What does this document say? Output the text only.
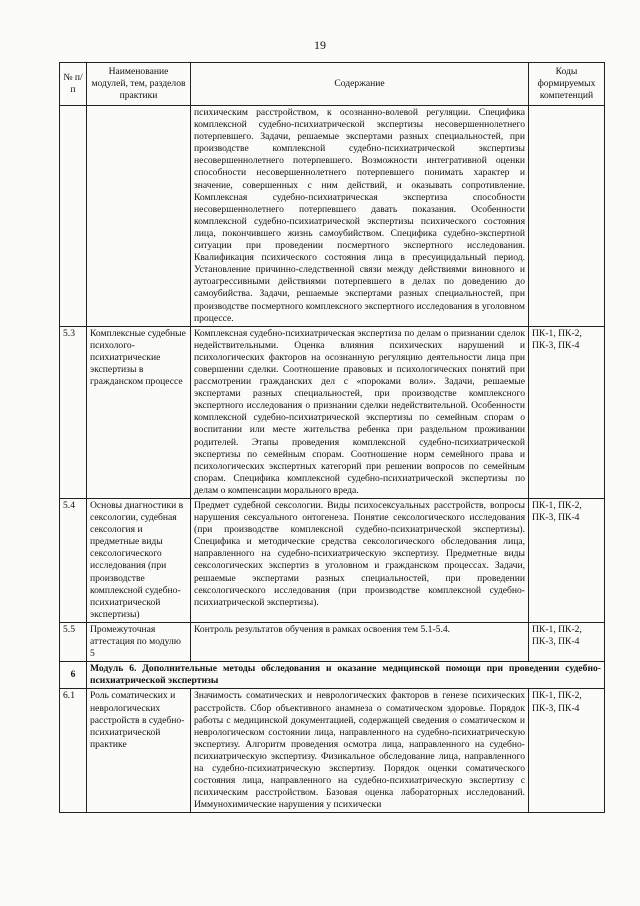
19
№ п/п	Наименование модулей, тем, разделов практики	Содержание	Коды формируемых компетенций
		психическим расстройством, к осознанно-волевой регуляции. Специфика комплексной судебно-психиатрической экспертизы несовершеннолетнего потерпевшего. Задачи, решаемые экспертами разных специальностей, при производстве комплексной судебно-психиатрической экспертизы несовершеннолетнего потерпевшего. Возможности интегративной оценки способности несовершеннолетнего потерпевшего понимать характер и значение, совершенных с ним действий, и оказывать сопротивление. Комплексная судебно-психиатрическая экспертиза способности несовершеннолетнего потерпевшего давать показания. Особенности комплексной судебно-психиатрической экспертизы психического состояния лица, покончившего жизнь самоубийством. Специфика судебно-экспертной ситуации при проведении посмертного экспертного исследования. Квалификация психического состояния лица в пресуицидальный период. Установление причинно-следственной связи между действиями виновного и аутоагрессивными действиями потерпевшего в делах по доведению до самоубийства. Задачи, решаемые экспертами разных специальностей, при производстве посмертного комплексного экспертного исследования в уголовном процессе.	
5.3	Комплексные судебные психолого-психиатрические экспертизы в гражданском процессе	Комплексная судебно-психиатрическая экспертиза по делам о признании сделок недействительными. Оценка влияния психических нарушений и психологических факторов на осознанную регуляцию деятельности лица при совершении сделки. Соотношение правовых и психологических понятий при рассмотрении гражданских дел с «пороками воли». Задачи, решаемые экспертами разных специальностей, при производстве комплексного экспертного исследования о признании сделки недействительной. Особенности комплексной судебно-психиатрической экспертизы по семейным спорам о воспитании или месте жительства ребенка при раздельном проживании родителей. Этапы проведения комплексной судебно-психиатрической экспертизы по семейным спорам. Соотношение норм семейного права и психологических экспертных категорий при решении вопросов по семейным спорам. Специфика комплексной судебно-психиатрической экспертизы по делам о компенсации морального вреда.	ПК-1, ПК-2, ПК-3, ПК-4
5.4	Основы диагностики в сексологии, судебная сексология и предметные виды сексологического исследования (при производстве комплексной судебно-психиатрической экспертизы)	Предмет судебной сексологии. Виды психосексуальных расстройств, вопросы нарушения сексуального онтогенеза. Понятие сексологического исследования (при производстве комплексной судебно-психиатрической экспертизы). Специфика и методические средства сексологического обследования лица, направленного на судебно-психиатрическую экспертизу. Предметные виды сексологических экспертиз в уголовном и гражданском процессах. Задачи, решаемые экспертами разных специальностей, при проведении сексологического исследования (при производстве комплексной судебно-психиатрической экспертизы).	ПК-1, ПК-2, ПК-3, ПК-4
5.5	Промежуточная аттестация по модулю 5	Контроль результатов обучения в рамках освоения тем 5.1-5.4.	ПК-1, ПК-2, ПК-3, ПК-4
6	Модуль 6. Дополнительные методы обследования и оказание медицинской помощи при проведении судебно-психиатрической экспертизы		
6.1	Роль соматических и неврологических расстройств в судебно-психиатрической практике	Значимость соматических и неврологических факторов в генезе психических расстройств. Сбор объективного анамнеза о соматическом здоровье. Порядок работы с медицинской документацией, содержащей сведения о соматическом и неврологическом состоянии лица, направленного на судебно-психиатрическую экспертизу. Алгоритм проведения осмотра лица, направленного на судебно-психиатрическую экспертизу. Физикальное обследование лица, направленного на судебно-психиатрическую экспертизу. Порядок оценки соматического состояния лица, направленного на судебно-психиатрическую экспертизу с психическим расстройством. Базовая оценка лабораторных исследований. Иммунохимические нарушения у психически	ПК-1, ПК-2, ПК-3, ПК-4
